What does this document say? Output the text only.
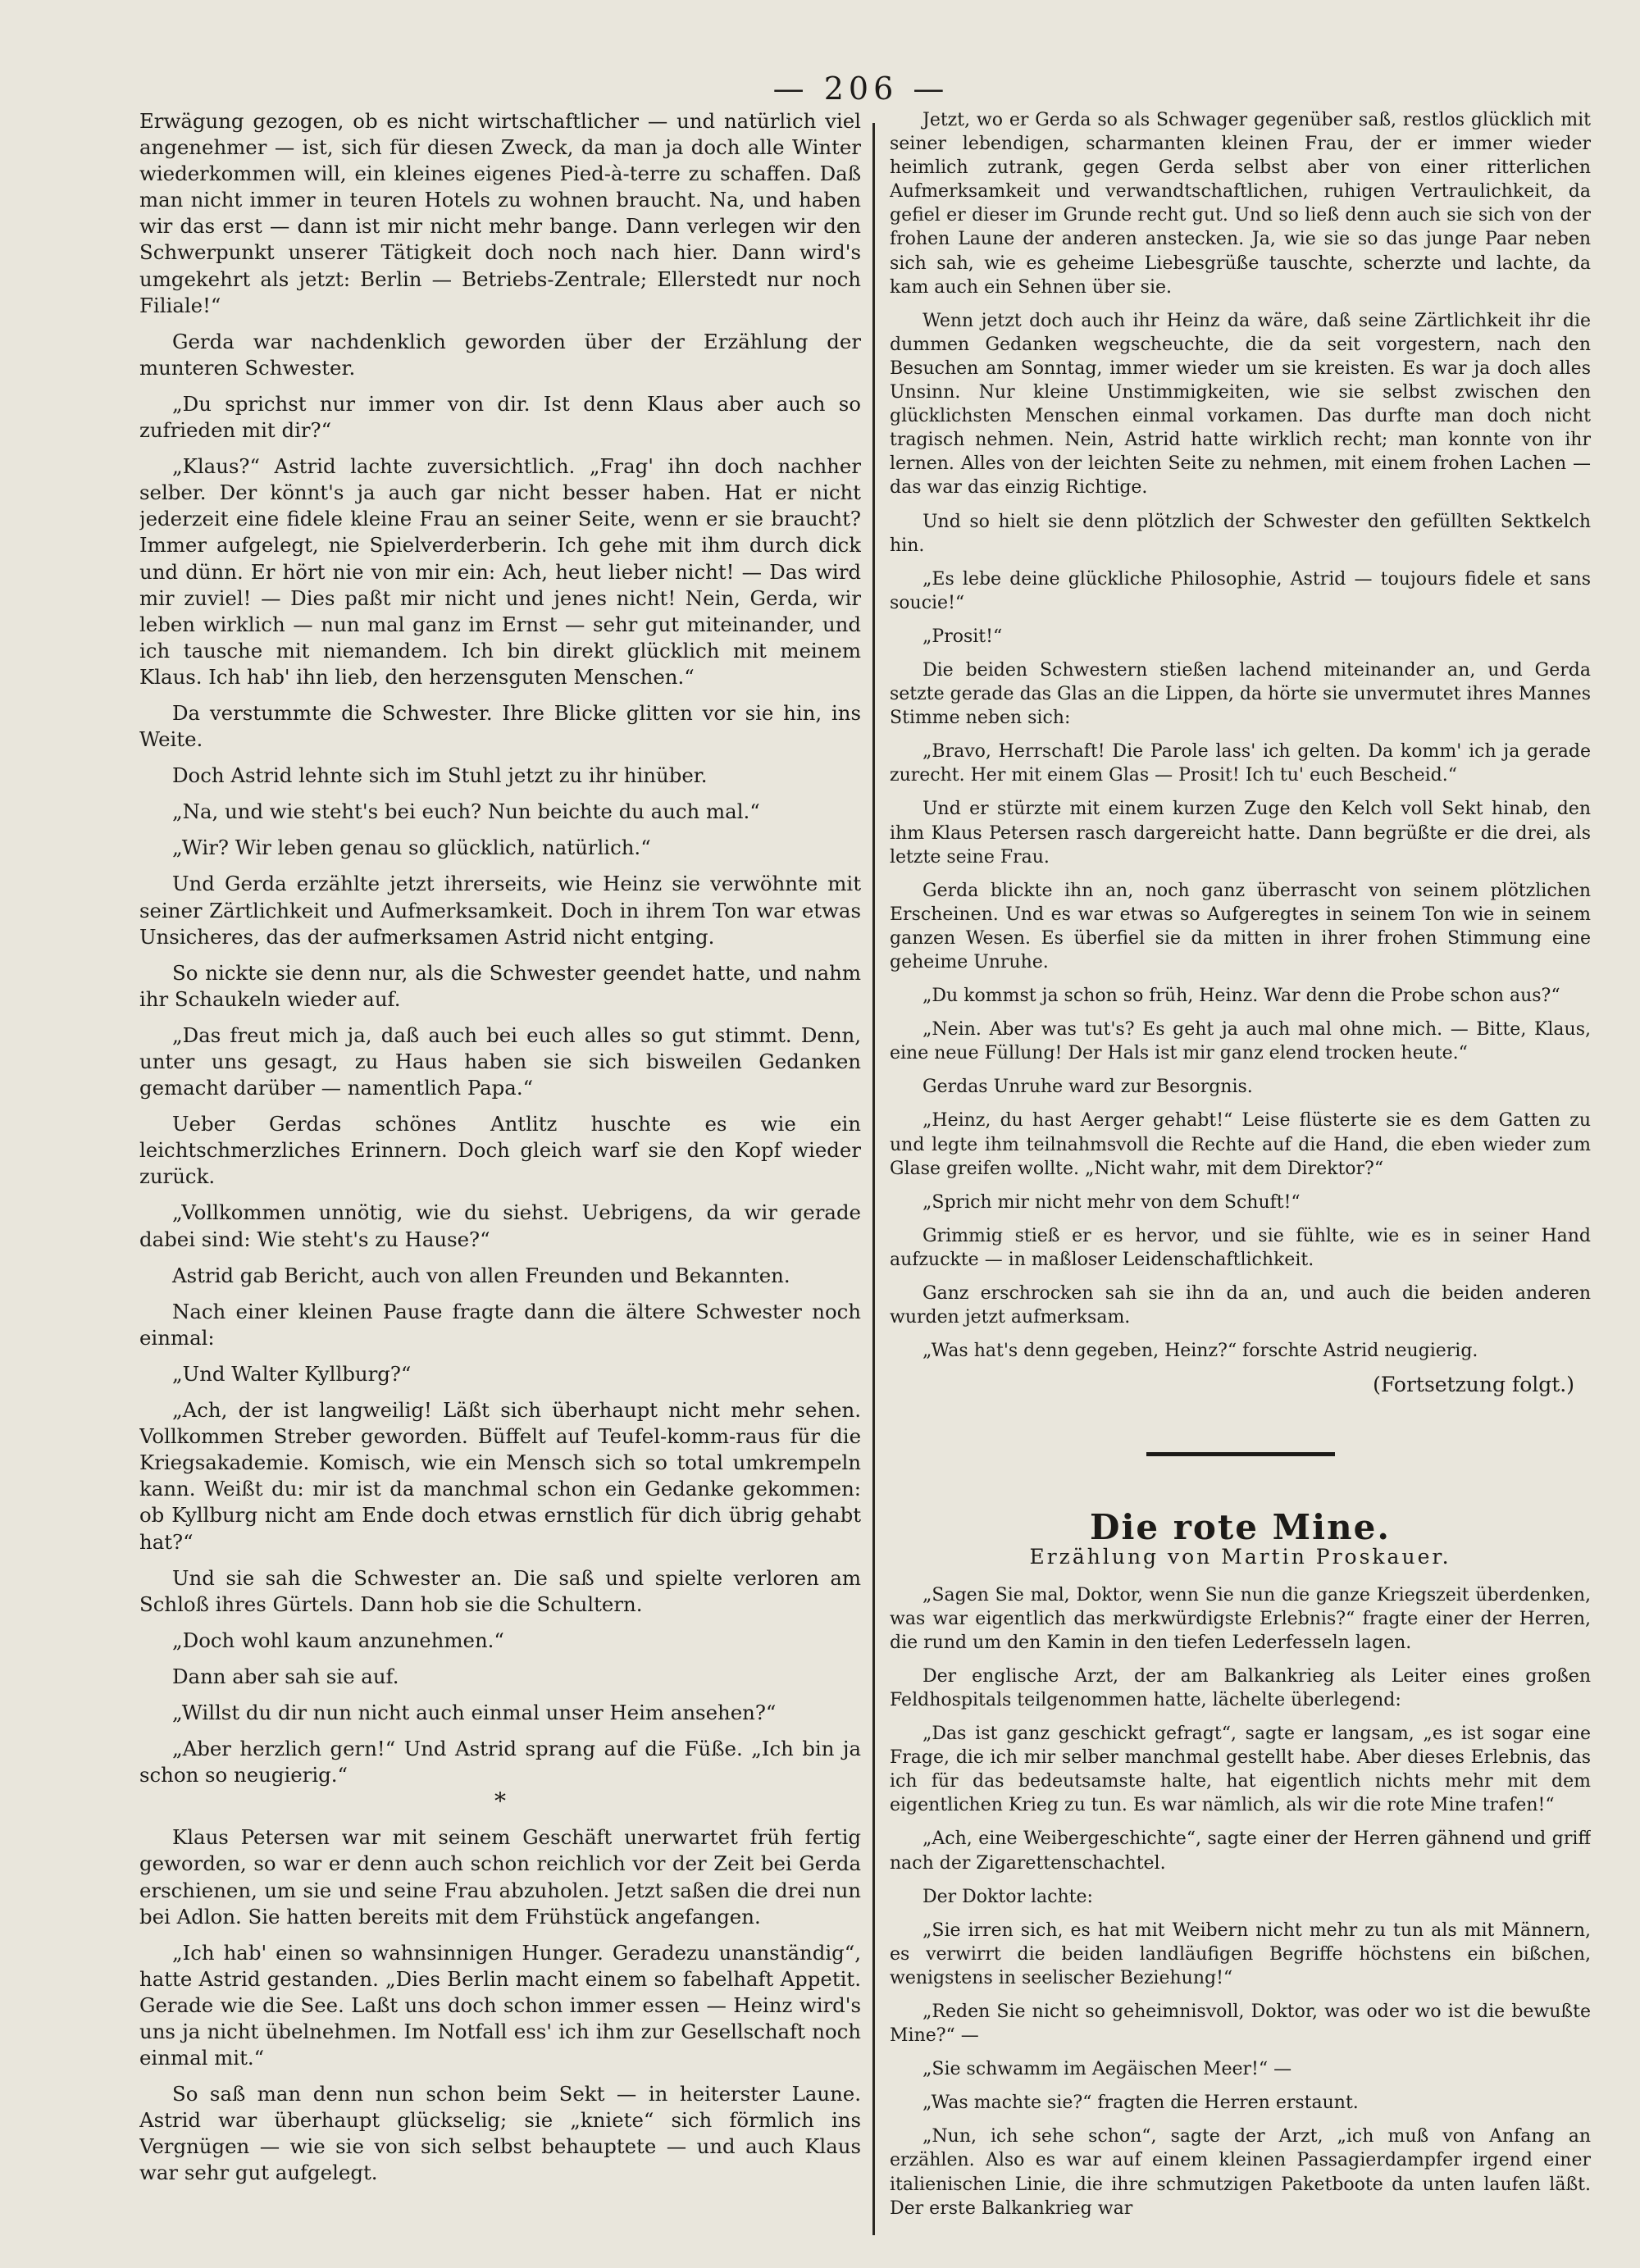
— 206 —

Erwägung gezogen, ob es nicht wirtschaftlicher — und natürlich viel angenehmer — ist, sich für diesen Zweck, da man ja doch alle Winter wiederkommen will, ein kleines eigenes Pied-à-terre zu schaffen. Daß man nicht immer in teuren Hotels zu wohnen braucht. Na, und haben wir das erst — dann ist mir nicht mehr bange. Dann verlegen wir den Schwerpunkt unserer Tätigkeit doch noch nach hier. Dann wird's umgekehrt als jetzt: Berlin — Betriebs-Zentrale; Ellerstedt nur noch Filiale!“

Gerda war nachdenklich geworden über der Erzählung der munteren Schwester.

„Du sprichst nur immer von dir. Ist denn Klaus aber auch so zufrieden mit dir?“

„Klaus?“ Astrid lachte zuversichtlich. „Frag' ihn doch nachher selber. Der könnt's ja auch gar nicht besser haben. Hat er nicht jederzeit eine fidele kleine Frau an seiner Seite, wenn er sie braucht? Immer aufgelegt, nie Spielverderberin. Ich gehe mit ihm durch dick und dünn. Er hört nie von mir ein: Ach, heut lieber nicht! — Das wird mir zuviel! — Dies paßt mir nicht und jenes nicht! Nein, Gerda, wir leben wirklich — nun mal ganz im Ernst — sehr gut miteinander, und ich tausche mit niemandem. Ich bin direkt glücklich mit meinem Klaus. Ich hab' ihn lieb, den herzensguten Menschen.“

Da verstummte die Schwester. Ihre Blicke glitten vor sie hin, ins Weite.

Doch Astrid lehnte sich im Stuhl jetzt zu ihr hinüber.

„Na, und wie steht's bei euch? Nun beichte du auch mal.“

„Wir? Wir leben genau so glücklich, natürlich.“

Und Gerda erzählte jetzt ihrerseits, wie Heinz sie verwöhnte mit seiner Zärtlichkeit und Aufmerksamkeit. Doch in ihrem Ton war etwas Unsicheres, das der aufmerksamen Astrid nicht entging.

So nickte sie denn nur, als die Schwester geendet hatte, und nahm ihr Schaukeln wieder auf.

„Das freut mich ja, daß auch bei euch alles so gut stimmt. Denn, unter uns gesagt, zu Haus haben sie sich bisweilen Gedanken gemacht darüber — namentlich Papa.“

Ueber Gerdas schönes Antlitz huschte es wie ein leichtschmerzliches Erinnern. Doch gleich warf sie den Kopf wieder zurück.

„Vollkommen unnötig, wie du siehst. Uebrigens, da wir gerade dabei sind: Wie steht's zu Hause?“

Astrid gab Bericht, auch von allen Freunden und Bekannten.

Nach einer kleinen Pause fragte dann die ältere Schwester noch einmal:

„Und Walter Kyllburg?“

„Ach, der ist langweilig! Läßt sich überhaupt nicht mehr sehen. Vollkommen Streber geworden. Büffelt auf Teufel-komm-raus für die Kriegsakademie. Komisch, wie ein Mensch sich so total umkrempeln kann. Weißt du: mir ist da manchmal schon ein Gedanke gekommen: ob Kyllburg nicht am Ende doch etwas ernstlich für dich übrig gehabt hat?“

Und sie sah die Schwester an. Die saß und spielte verloren am Schloß ihres Gürtels. Dann hob sie die Schultern.

„Doch wohl kaum anzunehmen.“

Dann aber sah sie auf.

„Willst du dir nun nicht auch einmal unser Heim ansehen?“

„Aber herzlich gern!“ Und Astrid sprang auf die Füße. „Ich bin ja schon so neugierig.“

*

Klaus Petersen war mit seinem Geschäft unerwartet früh fertig geworden, so war er denn auch schon reichlich vor der Zeit bei Gerda erschienen, um sie und seine Frau abzuholen. Jetzt saßen die drei nun bei Adlon. Sie hatten bereits mit dem Frühstück angefangen.

„Ich hab' einen so wahnsinnigen Hunger. Geradezu unanständig“, hatte Astrid gestanden. „Dies Berlin macht einem so fabelhaft Appetit. Gerade wie die See. Laßt uns doch schon immer essen — Heinz wird's uns ja nicht übelnehmen. Im Notfall ess' ich ihm zur Gesellschaft noch einmal mit.“

So saß man denn nun schon beim Sekt — in heiterster Laune. Astrid war überhaupt glückselig; sie „kniete“ sich förmlich ins Vergnügen — wie sie von sich selbst behauptete — und auch Klaus war sehr gut aufgelegt.

Jetzt, wo er Gerda so als Schwager gegenüber saß, restlos glücklich mit seiner lebendigen, scharmanten kleinen Frau, der er immer wieder heimlich zutrank, gegen Gerda selbst aber von einer ritterlichen Aufmerksamkeit und verwandtschaftlichen, ruhigen Vertraulichkeit, da gefiel er dieser im Grunde recht gut. Und so ließ denn auch sie sich von der frohen Laune der anderen anstecken. Ja, wie sie so das junge Paar neben sich sah, wie es geheime Liebesgrüße tauschte, scherzte und lachte, da kam auch ein Sehnen über sie.

Wenn jetzt doch auch ihr Heinz da wäre, daß seine Zärtlichkeit ihr die dummen Gedanken wegscheuchte, die da seit vorgestern, nach den Besuchen am Sonntag, immer wieder um sie kreisten. Es war ja doch alles Unsinn. Nur kleine Unstimmigkeiten, wie sie selbst zwischen den glücklichsten Menschen einmal vorkamen. Das durfte man doch nicht tragisch nehmen. Nein, Astrid hatte wirklich recht; man konnte von ihr lernen. Alles von der leichten Seite zu nehmen, mit einem frohen Lachen — das war das einzig Richtige.

Und so hielt sie denn plötzlich der Schwester den gefüllten Sektkelch hin.

„Es lebe deine glückliche Philosophie, Astrid — toujours fidele et sans soucie!“

„Prosit!“

Die beiden Schwestern stießen lachend miteinander an, und Gerda setzte gerade das Glas an die Lippen, da hörte sie unvermutet ihres Mannes Stimme neben sich:

„Bravo, Herrschaft! Die Parole lass' ich gelten. Da komm' ich ja gerade zurecht. Her mit einem Glas — Prosit! Ich tu' euch Bescheid.“

Und er stürzte mit einem kurzen Zuge den Kelch voll Sekt hinab, den ihm Klaus Petersen rasch dargereicht hatte. Dann begrüßte er die drei, als letzte seine Frau.

Gerda blickte ihn an, noch ganz überrascht von seinem plötzlichen Erscheinen. Und es war etwas so Aufgeregtes in seinem Ton wie in seinem ganzen Wesen. Es überfiel sie da mitten in ihrer frohen Stimmung eine geheime Unruhe.

„Du kommst ja schon so früh, Heinz. War denn die Probe schon aus?“

„Nein. Aber was tut's? Es geht ja auch mal ohne mich. — Bitte, Klaus, eine neue Füllung! Der Hals ist mir ganz elend trocken heute.“

Gerdas Unruhe ward zur Besorgnis.

„Heinz, du hast Aerger gehabt!“ Leise flüsterte sie es dem Gatten zu und legte ihm teilnahmsvoll die Rechte auf die Hand, die eben wieder zum Glase greifen wollte. „Nicht wahr, mit dem Direktor?“

„Sprich mir nicht mehr von dem Schuft!“

Grimmig stieß er es hervor, und sie fühlte, wie es in seiner Hand aufzuckte — in maßloser Leidenschaftlichkeit.

Ganz erschrocken sah sie ihn da an, und auch die beiden anderen wurden jetzt aufmerksam.

„Was hat's denn gegeben, Heinz?“ forschte Astrid neugierig.

(Fortsetzung folgt.)
Die rote Mine.
Erzählung von Martin Proskauer.

„Sagen Sie mal, Doktor, wenn Sie nun die ganze Kriegszeit überdenken, was war eigentlich das merkwürdigste Erlebnis?“ fragte einer der Herren, die rund um den Kamin in den tiefen Lederfesseln lagen.

Der englische Arzt, der am Balkankrieg als Leiter eines großen Feldhospitals teilgenommen hatte, lächelte überlegend:

„Das ist ganz geschickt gefragt“, sagte er langsam, „es ist sogar eine Frage, die ich mir selber manchmal gestellt habe. Aber dieses Erlebnis, das ich für das bedeutsamste halte, hat eigentlich nichts mehr mit dem eigentlichen Krieg zu tun. Es war nämlich, als wir die rote Mine trafen!“

„Ach, eine Weibergeschichte“, sagte einer der Herren gähnend und griff nach der Zigarettenschachtel.

Der Doktor lachte:

„Sie irren sich, es hat mit Weibern nicht mehr zu tun als mit Männern, es verwirrt die beiden landläufigen Begriffe höchstens ein bißchen, wenigstens in seelischer Beziehung!“

„Reden Sie nicht so geheimnisvoll, Doktor, was oder wo ist die bewußte Mine?“ —

„Sie schwamm im Aegäischen Meer!“ —

„Was machte sie?“ fragten die Herren erstaunt.

„Nun, ich sehe schon“, sagte der Arzt, „ich muß von Anfang an erzählen. Also es war auf einem kleinen Passagierdampfer irgend einer italienischen Linie, die ihre schmutzigen Paketboote da unten laufen läßt. Der erste Balkankrieg war
